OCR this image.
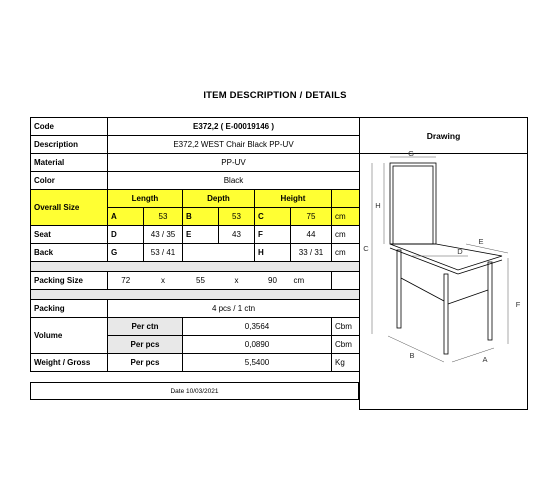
ITEM DESCRIPTION / DETAILS
Code	E372,2 ( E-00019146 )						
Description	E372,2 WEST Chair Black PP-UV						
Material	PP-UV						
Color	Black						
Overall Size	Length		Depth		Height		
	A	53	B	53	C	75	cm
Seat	D	43 / 35	E	43	F	44	cm
Back	G	53 / 41			H	33 / 31	cm

Packing Size	72	x	55	x	90	cm	

Packing	4 pcs / 1 ctn						
Volume	Per ctn		0,3564				Cbm
	Per pcs		0,0890				Cbm
Weight / Gross	Per pcs		5,5400				Kg
Date 10/03/2021
Drawing
G
H
C	D
E
F
B	A
